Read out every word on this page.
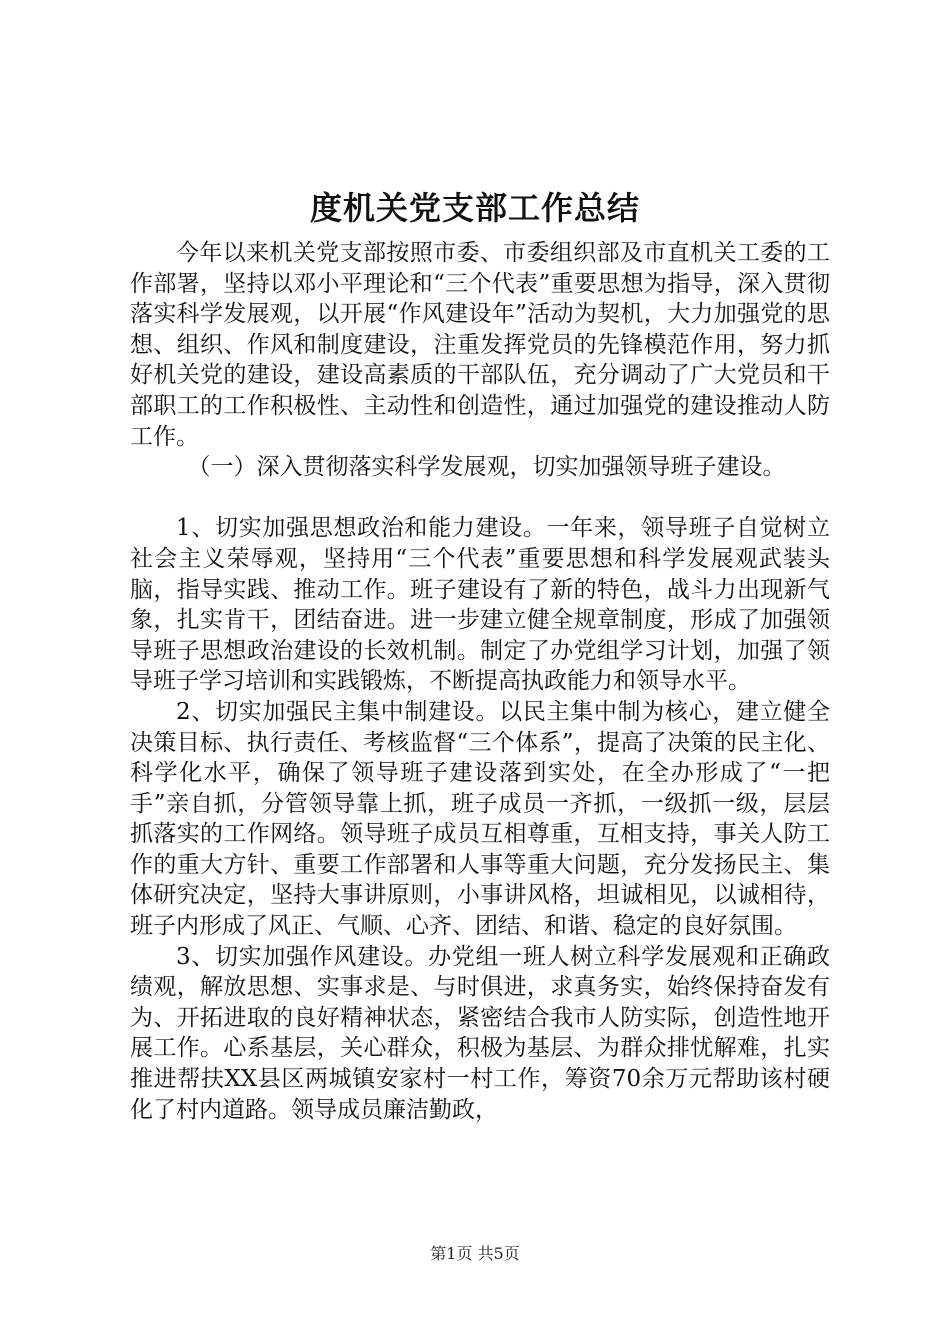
度机关党支部工作总结

今年以来机关党支部按照市委、市委组织部及市直机关工委的工作部署，坚持以邓小平理论和“三个代表”重要思想为指导，深入贯彻落实科学发展观，以开展“作风建设年”活动为契机，大力加强党的思想、组织、作风和制度建设，注重发挥党员的先锋模范作用，努力抓好机关党的建设，建设高素质的干部队伍，充分调动了广大党员和干部职工的工作积极性、主动性和创造性，通过加强党的建设推动人防工作。

（一）深入贯彻落实科学发展观，切实加强领导班子建设。

1、切实加强思想政治和能力建设。一年来，领导班子自觉树立社会主义荣辱观，坚持用“三个代表”重要思想和科学发展观武装头脑，指导实践、推动工作。班子建设有了新的特色，战斗力出现新气象，扎实肯干，团结奋进。进一步建立健全规章制度，形成了加强领导班子思想政治建设的长效机制。制定了办党组学习计划，加强了领导班子学习培训和实践锻炼，不断提高执政能力和领导水平。

2、切实加强民主集中制建设。以民主集中制为核心，建立健全决策目标、执行责任、考核监督“三个体系”，提高了决策的民主化、科学化水平，确保了领导班子建设落到实处，在全办形成了“一把手”亲自抓，分管领导靠上抓，班子成员一齐抓，一级抓一级，层层抓落实的工作网络。领导班子成员互相尊重，互相支持，事关人防工作的重大方针、重要工作部署和人事等重大问题，充分发扬民主、集体研究决定，坚持大事讲原则，小事讲风格，坦诚相见，以诚相待，班子内形成了风正、气顺、心齐、团结、和谐、稳定的良好氛围。

3、切实加强作风建设。办党组一班人树立科学发展观和正确政绩观，解放思想、实事求是、与时俱进，求真务实，始终保持奋发有为、开拓进取的良好精神状态，紧密结合我市人防实际，创造性地开展工作。心系基层，关心群众，积极为基层、为群众排忧解难，扎实推进帮扶XX县区两城镇安家村一村工作，筹资70余万元帮助该村硬化了村内道路。领导成员廉洁勤政，

第1页 共5页
